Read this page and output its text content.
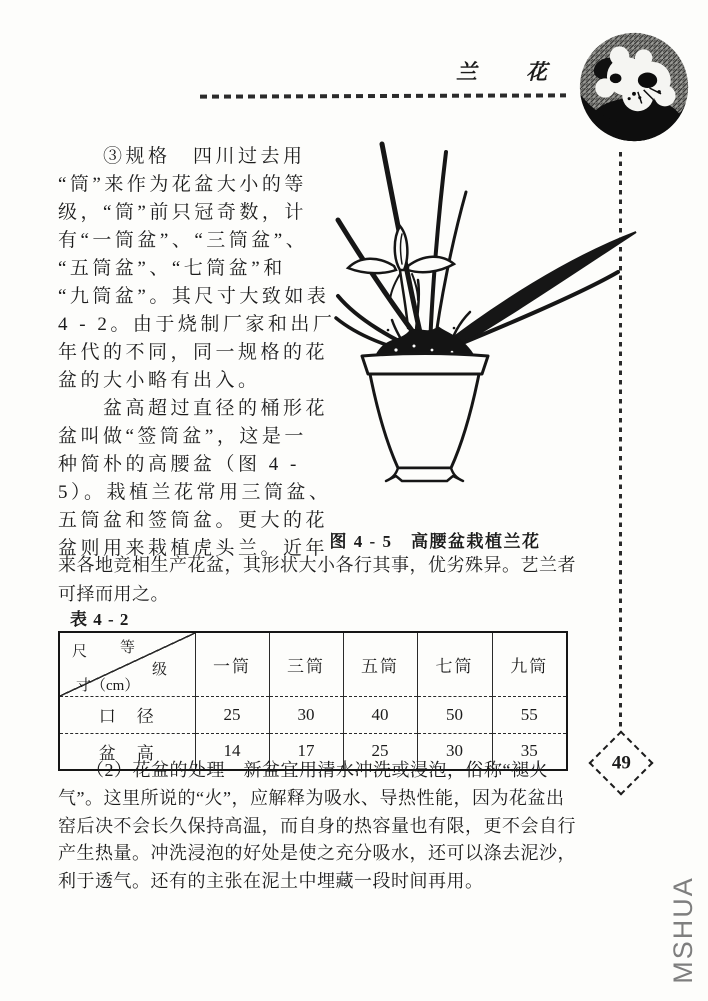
兰　花
　　③规格　四川过去用
“筒”来作为花盆大小的等
级，“筒”前只冠奇数，计
有“一筒盆”、“三筒盆”、
“五筒盆”、“七筒盆”和
“九筒盆”。其尺寸大致如表
4 - 2。由于烧制厂家和出厂
年代的不同，同一规格的花
盆的大小略有出入。
　　盆高超过直径的桶形花
盆叫做“签筒盆”，这是一
种简朴的高腰盆（图 4 -
5）。栽植兰花常用三筒盆、
五筒盆和签筒盆。更大的花
盆则用来栽植虎头兰。近年 图 4 - 5　高腰盆栽植兰花
来各地竞相生产花盆，其形状大小各行其事，优劣殊异。艺兰者
可择而用之。
表 4 - 2
尺 等
级
寸（cm）	一筒	三筒	五筒	七筒	九筒
口　径	25	30	40	50	55
盆　高	14	17	25	30	35
　　（2）花盆的处理　新盆宜用清水冲洗或浸泡，俗称“褪火
气”。这里所说的“火”，应解释为吸水、导热性能，因为花盆出
窑后决不会长久保持高温，而自身的热容量也有限，更不会自行
产生热量。冲洗浸泡的好处是使之充分吸水，还可以涤去泥沙，
利于透气。还有的主张在泥土中埋藏一段时间再用。
49
MSHUA
